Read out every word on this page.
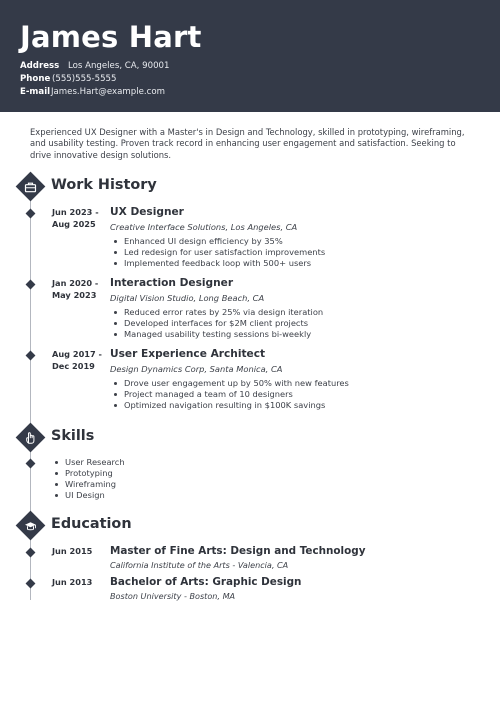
James Hart
Address Los Angeles, CA, 90001
Phone (555)555-5555
E-mailJames.Hart@example.com
Experienced UX Designer with a Master's in Design and Technology, skilled in prototyping, wireframing, and usability testing. Proven track record in enhancing user engagement and satisfaction. Seeking to drive innovative design solutions.
Work History
Jun 2023 -
Aug 2025
UX Designer
Creative Interface Solutions, Los Angeles, CA
Enhanced UI design efficiency by 35%
Led redesign for user satisfaction improvements
Implemented feedback loop with 500+ users
Jan 2020 -
May 2023
Interaction Designer
Digital Vision Studio, Long Beach, CA
Reduced error rates by 25% via design iteration
Developed interfaces for $2M client projects
Managed usability testing sessions bi-weekly
Aug 2017 -
Dec 2019
User Experience Architect
Design Dynamics Corp, Santa Monica, CA
Drove user engagement up by 50% with new features
Project managed a team of 10 designers
Optimized navigation resulting in $100K savings
Skills
User Research
Prototyping
Wireframing
UI Design
Education
Jun 2015	Master of Fine Arts: Design and Technology
California Institute of the Arts - Valencia, CA
Jun 2013	Bachelor of Arts: Graphic Design
Boston University - Boston, MA
